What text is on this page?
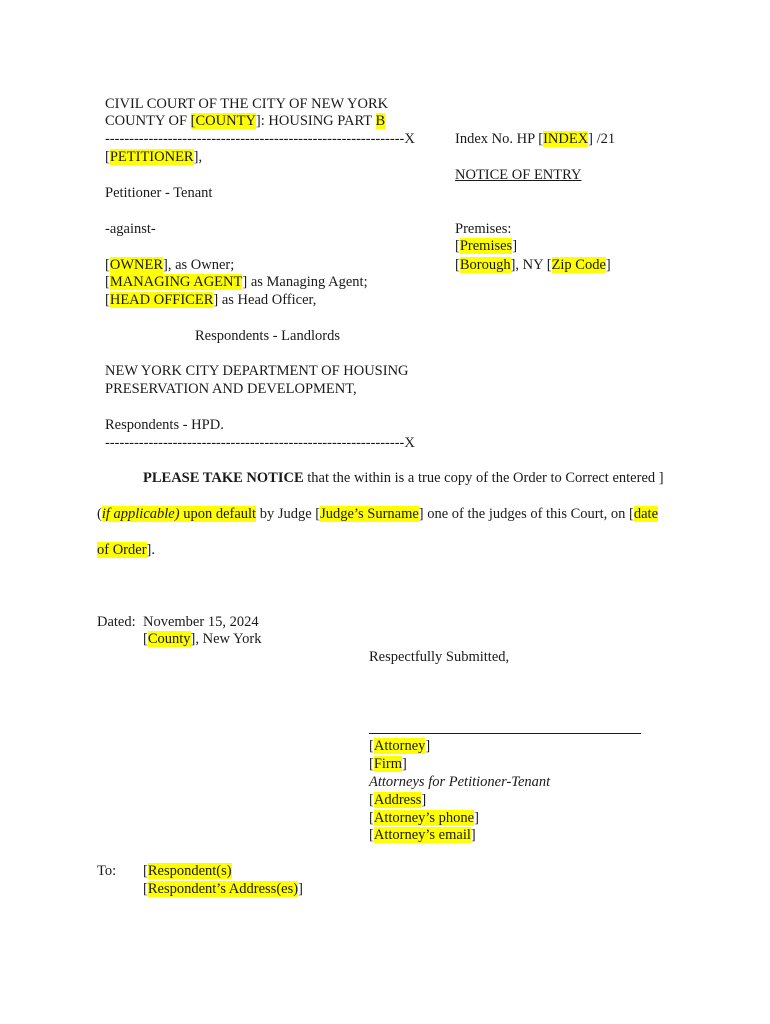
CIVIL COURT OF THE CITY OF NEW YORK
COUNTY OF [COUNTY]: HOUSING PART B
--------------------------------------------------------------X
[PETITIONER],
Petitioner - Tenant
-against-
[OWNER], as Owner;
[MANAGING AGENT] as Managing Agent;
[HEAD OFFICER] as Head Officer,
Respondents - Landlords
NEW YORK CITY DEPARTMENT OF HOUSING
PRESERVATION AND DEVELOPMENT,
Respondents - HPD.
--------------------------------------------------------------X
Index No. HP [INDEX] /21
NOTICE OF ENTRY
Premises:
[Premises]
[Borough], NY [Zip Code]
PLEASE TAKE NOTICE that the within is a true copy of the Order to Correct entered ]
(if applicable) upon default by Judge [Judge’s Surname] one of the judges of this Court, on [date
of Order].
Dated: November 15, 2024
[County], New York
Respectfully Submitted,
[Attorney]
[Firm]
Attorneys for Petitioner-Tenant
[Address]
[Attorney’s phone]
[Attorney’s email]
To: [Respondent(s)
[Respondent’s Address(es)]
